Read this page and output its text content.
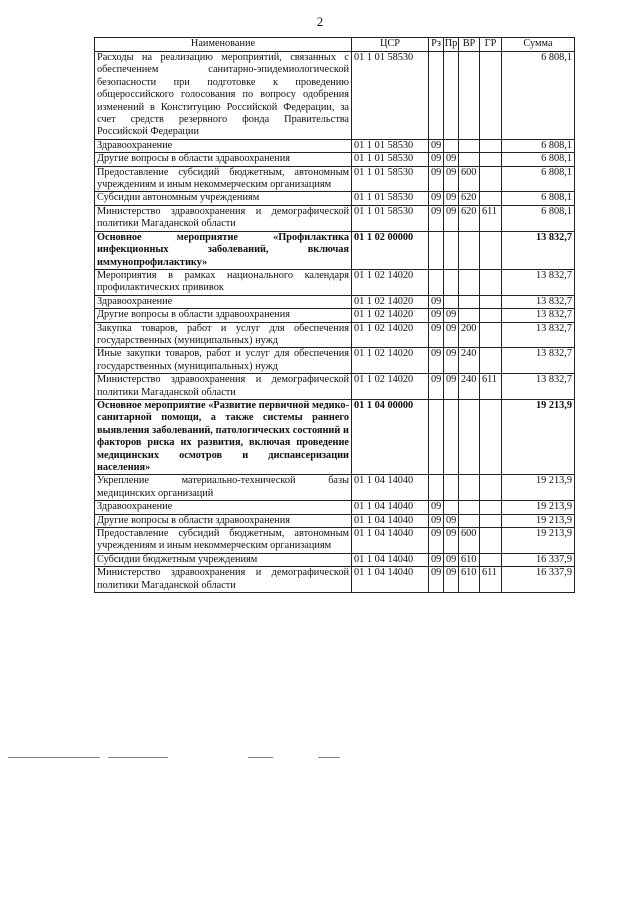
2
Наименование	ЦСР	Рз	Пр	ВР	ГР	Сумма
Расходы на реализацию мероприятий, связанных с обеспечением санитарно-эпидемиологической безопасности при подготовке к проведению общероссийского голосования по вопросу одобрения изменений в Конституцию Российской Федерации, за счет средств резервного фонда Правительства Российской Федерации	01 1 01 58530					6 808,1
Здравоохранение	01 1 01 58530	09				6 808,1
Другие вопросы в области здравоохранения	01 1 01 58530	09	09			6 808,1
Предоставление субсидий бюджетным, автономным учреждениям и иным некоммерческим организациям	01 1 01 58530	09	09	600		6 808,1
Субсидии автономным учреждениям	01 1 01 58530	09	09	620		6 808,1
Министерство здравоохранения и демографической политики Магаданской области	01 1 01 58530	09	09	620	611	6 808,1
Основное мероприятие «Профилактика инфекционных заболеваний, включая иммунопрофилактику»	01 1 02 00000					13 832,7
Мероприятия в рамках национального календаря профилактических прививок	01 1 02 14020					13 832,7
Здравоохранение	01 1 02 14020	09				13 832,7
Другие вопросы в области здравоохранения	01 1 02 14020	09	09			13 832,7
Закупка товаров, работ и услуг для обеспечения государственных (муниципальных) нужд	01 1 02 14020	09	09	200		13 832,7
Иные закупки товаров, работ и услуг для обеспечения государственных (муниципальных) нужд	01 1 02 14020	09	09	240		13 832,7
Министерство здравоохранения и демографической политики Магаданской области	01 1 02 14020	09	09	240	611	13 832,7
Основное мероприятие «Развитие первичной медико-санитарной помощи, а также системы раннего выявления заболеваний, патологических состояний и факторов риска их развития, включая проведение медицинских осмотров и диспансеризации населения»	01 1 04 00000					19 213,9
Укрепление материально-технической базы медицинских организаций	01 1 04 14040					19 213,9
Здравоохранение	01 1 04 14040	09				19 213,9
Другие вопросы в области здравоохранения	01 1 04 14040	09	09			19 213,9
Предоставление субсидий бюджетным, автономным учреждениям и иным некоммерческим организациям	01 1 04 14040	09	09	600		19 213,9
Субсидии бюджетным учреждениям	01 1 04 14040	09	09	610		16 337,9
Министерство здравоохранения и демографической политики Магаданской области	01 1 04 14040	09	09	610	611	16 337,9
